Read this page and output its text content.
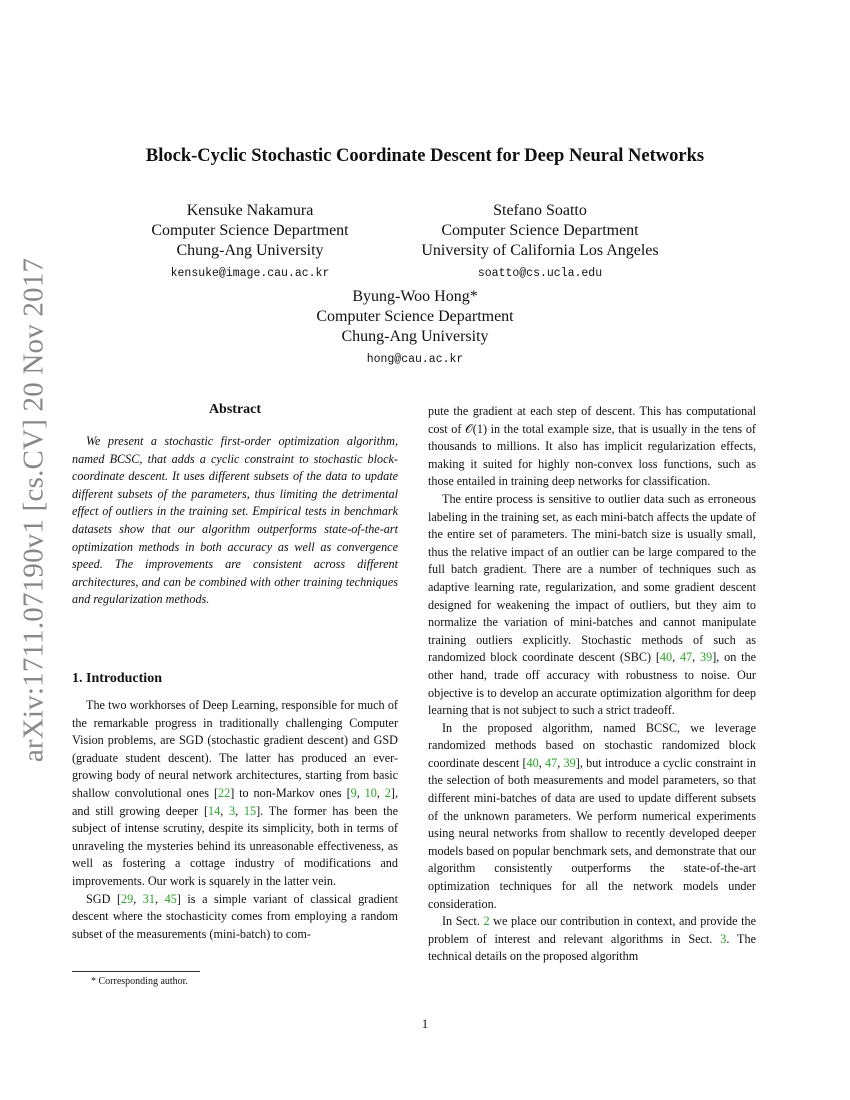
arXiv:1711.07190v1 [cs.CV] 20 Nov 2017
Block-Cyclic Stochastic Coordinate Descent for Deep Neural Networks
Kensuke Nakamura
Computer Science Department
Chung-Ang University
kensuke@image.cau.ac.kr
Stefano Soatto
Computer Science Department
University of California Los Angeles
soatto@cs.ucla.edu
Byung-Woo Hong*
Computer Science Department
Chung-Ang University
hong@cau.ac.kr
Abstract
We present a stochastic first-order optimization algorithm, named BCSC, that adds a cyclic constraint to stochastic block-coordinate descent. It uses different subsets of the data to update different subsets of the parameters, thus limiting the detrimental effect of outliers in the training set. Empirical tests in benchmark datasets show that our algorithm outperforms state-of-the-art optimization methods in both accuracy as well as convergence speed. The improvements are consistent across different architectures, and can be combined with other training techniques and regularization methods.
1. Introduction

The two workhorses of Deep Learning, responsible for much of the remarkable progress in traditionally challenging Computer Vision problems, are SGD (stochastic gradient descent) and GSD (graduate student descent). The latter has produced an ever-growing body of neural network architectures, starting from basic shallow convolutional ones [22] to non-Markov ones [9, 10, 2], and still growing deeper [14, 3, 15]. The former has been the subject of intense scrutiny, despite its simplicity, both in terms of unraveling the mysteries behind its unreasonable effectiveness, as well as fostering a cottage industry of modifications and improvements. Our work is squarely in the latter vein.

SGD [29, 31, 45] is a simple variant of classical gradient descent where the stochasticity comes from employing a random subset of the measurements (mini-batch) to com-

pute the gradient at each step of descent. This has computational cost of 𝒪(1) in the total example size, that is usually in the tens of thousands to millions. It also has implicit regularization effects, making it suited for highly non-convex loss functions, such as those entailed in training deep networks for classification.

The entire process is sensitive to outlier data such as erroneous labeling in the training set, as each mini-batch affects the update of the entire set of parameters. The mini-batch size is usually small, thus the relative impact of an outlier can be large compared to the full batch gradient. There are a number of techniques such as adaptive learning rate, regularization, and some gradient descent designed for weakening the impact of outliers, but they aim to normalize the variation of mini-batches and cannot manipulate training outliers explicitly. Stochastic methods of such as randomized block coordinate descent (SBC) [40, 47, 39], on the other hand, trade off accuracy with robustness to noise. Our objective is to develop an accurate optimization algorithm for deep learning that is not subject to such a strict tradeoff.

In the proposed algorithm, named BCSC, we leverage randomized methods based on stochastic randomized block coordinate descent [40, 47, 39], but introduce a cyclic constraint in the selection of both measurements and model parameters, so that different mini-batches of data are used to update different subsets of the unknown parameters. We perform numerical experiments using neural networks from shallow to recently developed deeper models based on popular benchmark sets, and demonstrate that our algorithm consistently outperforms the state-of-the-art optimization techniques for all the network models under consideration.

In Sect. 2 we place our contribution in context, and provide the problem of interest and relevant algorithms in Sect. 3. The technical details on the proposed algorithm

* Corresponding author.
1
